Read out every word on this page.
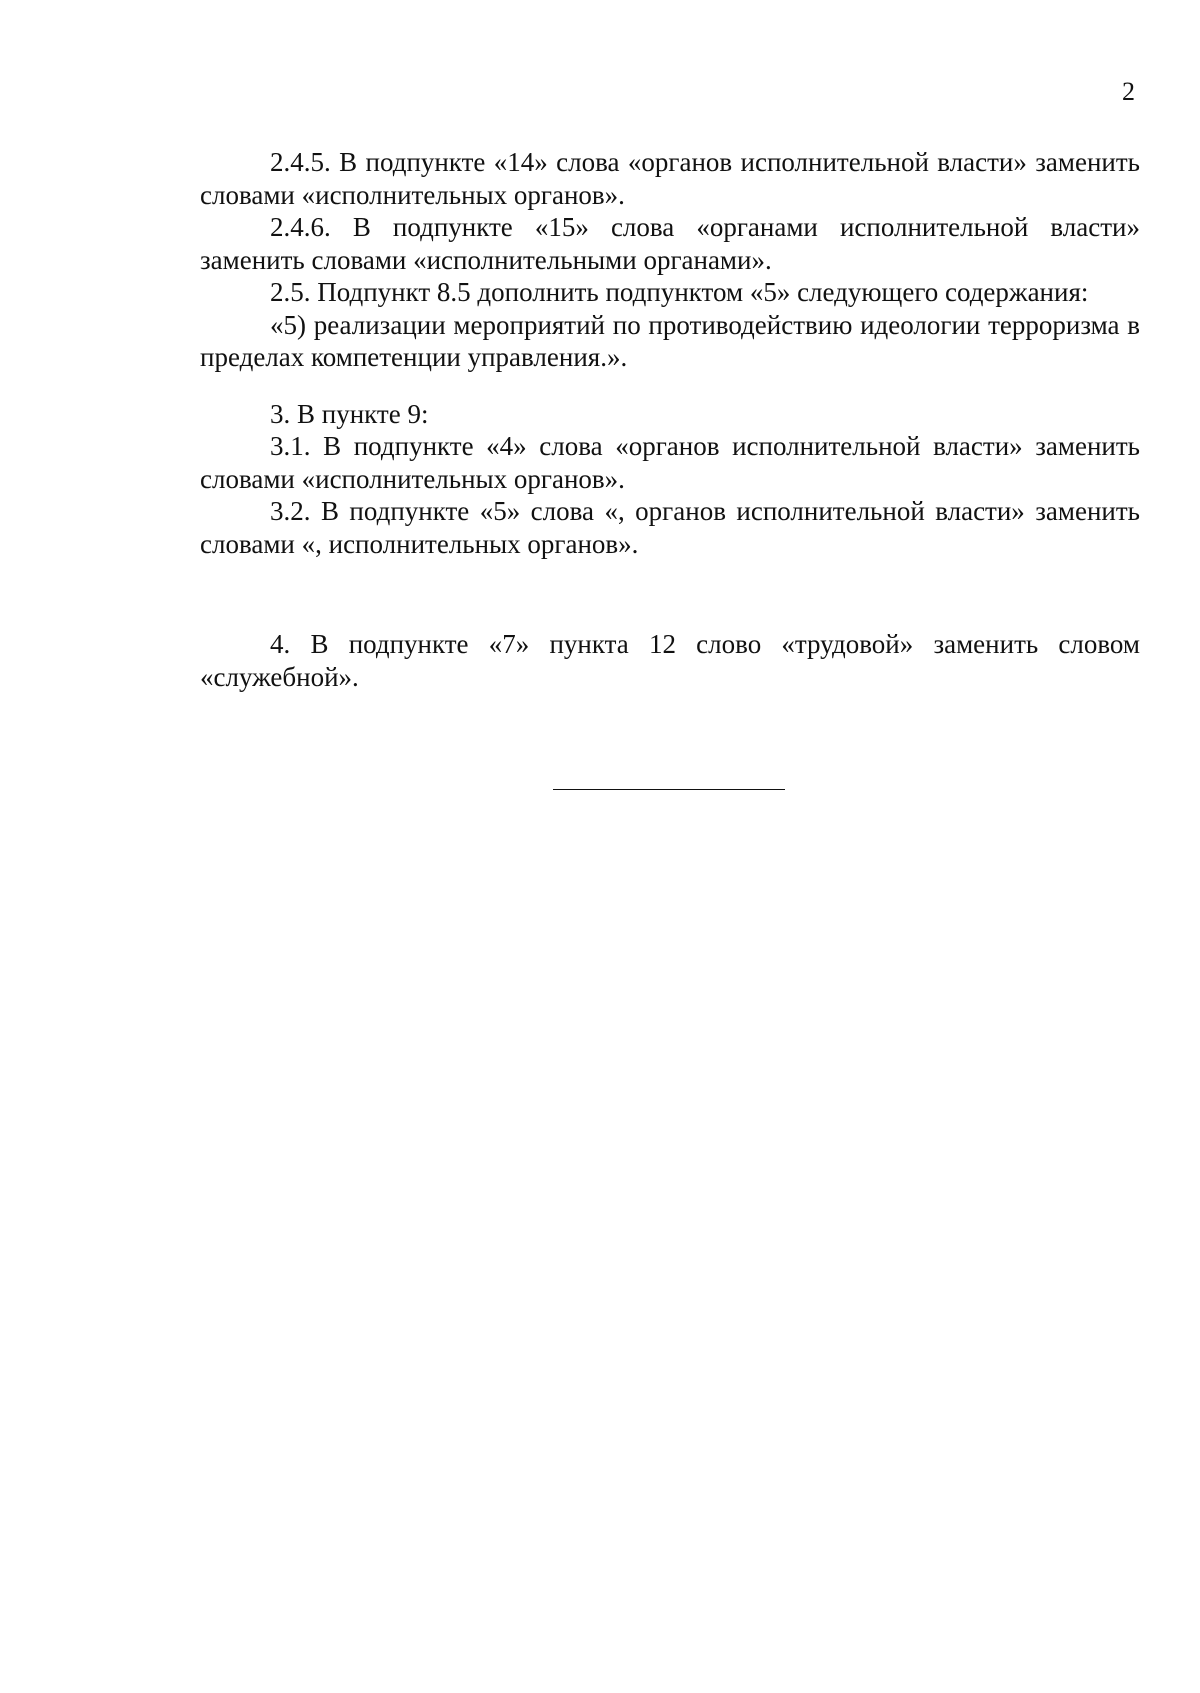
2

2.4.5. В подпункте «14» слова «органов исполнительной власти» заменить словами «исполнительных органов».

2.4.6. В подпункте «15» слова «органами исполнительной власти» заменить словами «исполнительными органами».

2.5. Подпункт 8.5 дополнить подпунктом «5» следующего содержания:

«5) реализации мероприятий по противодействию идеологии терроризма в пределах компетенции управления.».

3. В пункте 9:

3.1. В подпункте «4» слова «органов исполнительной власти» заменить словами «исполнительных органов».

3.2. В подпункте «5» слова «, органов исполнительной власти» заменить словами «, исполнительных органов».

4. В подпункте «7» пункта 12 слово «трудовой» заменить словом «служебной».
